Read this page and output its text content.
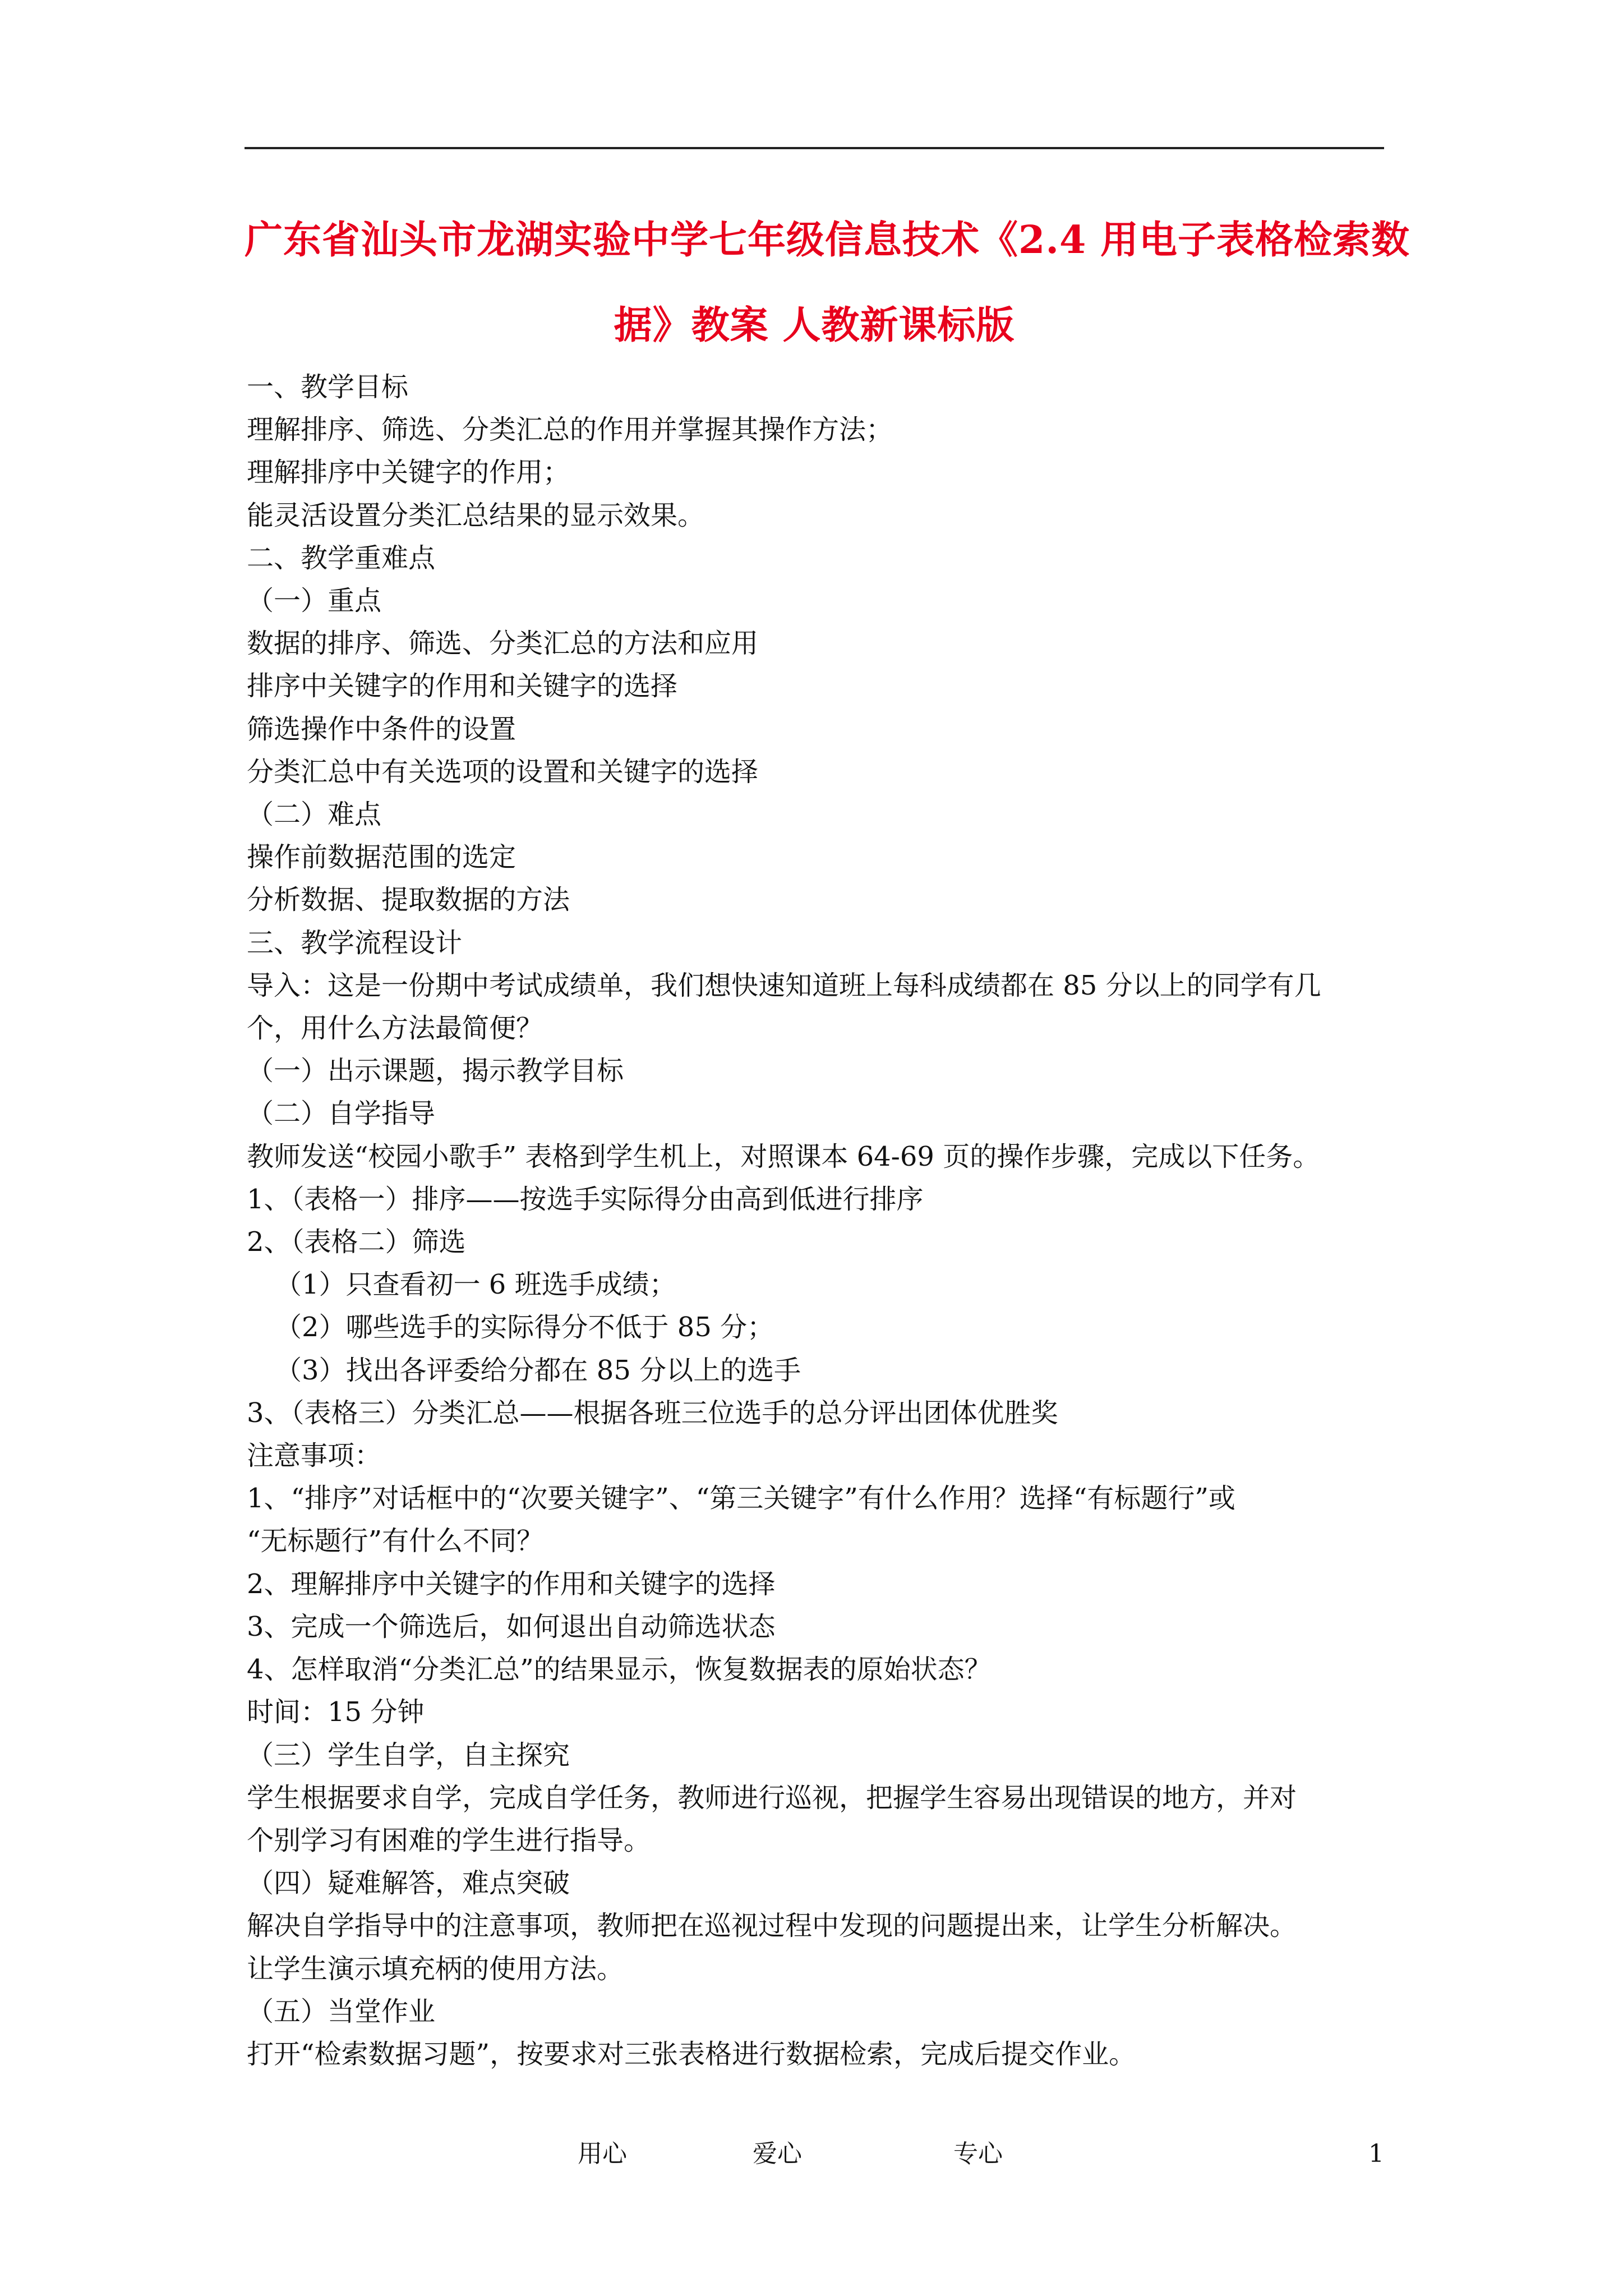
广东省汕头市龙湖实验中学七年级信息技术《2.4 用电子表格检索数
据》教案 人教新课标版
一、教学目标
理解排序、筛选、分类汇总的作用并掌握其操作方法；
理解排序中关键字的作用；
能灵活设置分类汇总结果的显示效果。
二、教学重难点
（一）重点
数据的排序、筛选、分类汇总的方法和应用
排序中关键字的作用和关键字的选择
筛选操作中条件的设置
分类汇总中有关选项的设置和关键字的选择
（二）难点
操作前数据范围的选定
分析数据、提取数据的方法
三、教学流程设计
导入：这是一份期中考试成绩单，我们想快速知道班上每科成绩都在 85 分以上的同学有几
个，用什么方法最简便？
（一）出示课题，揭示教学目标
（二）自学指导
教师发送“校园小歌手” 表格到学生机上，对照课本 64-69 页的操作步骤，完成以下任务。
1、（表格一）排序——按选手实际得分由高到低进行排序
2、（表格二）筛选
（1）只查看初一 6 班选手成绩；
（2）哪些选手的实际得分不低于 85 分；
（3）找出各评委给分都在 85 分以上的选手
3、（表格三）分类汇总——根据各班三位选手的总分评出团体优胜奖
注意事项：
1、“排序”对话框中的“次要关键字”、“第三关键字”有什么作用？选择“有标题行”或
“无标题行”有什么不同？
2、理解排序中关键字的作用和关键字的选择
3、完成一个筛选后，如何退出自动筛选状态
4、怎样取消“分类汇总”的结果显示，恢复数据表的原始状态？
时间：15 分钟
（三）学生自学，自主探究
学生根据要求自学，完成自学任务，教师进行巡视，把握学生容易出现错误的地方，并对
个别学习有困难的学生进行指导。
（四）疑难解答，难点突破
解决自学指导中的注意事项，教师把在巡视过程中发现的问题提出来，让学生分析解决。
让学生演示填充柄的使用方法。
（五）当堂作业
打开“检索数据习题”，按要求对三张表格进行数据检索，完成后提交作业。
用心	爱心	专心	1
